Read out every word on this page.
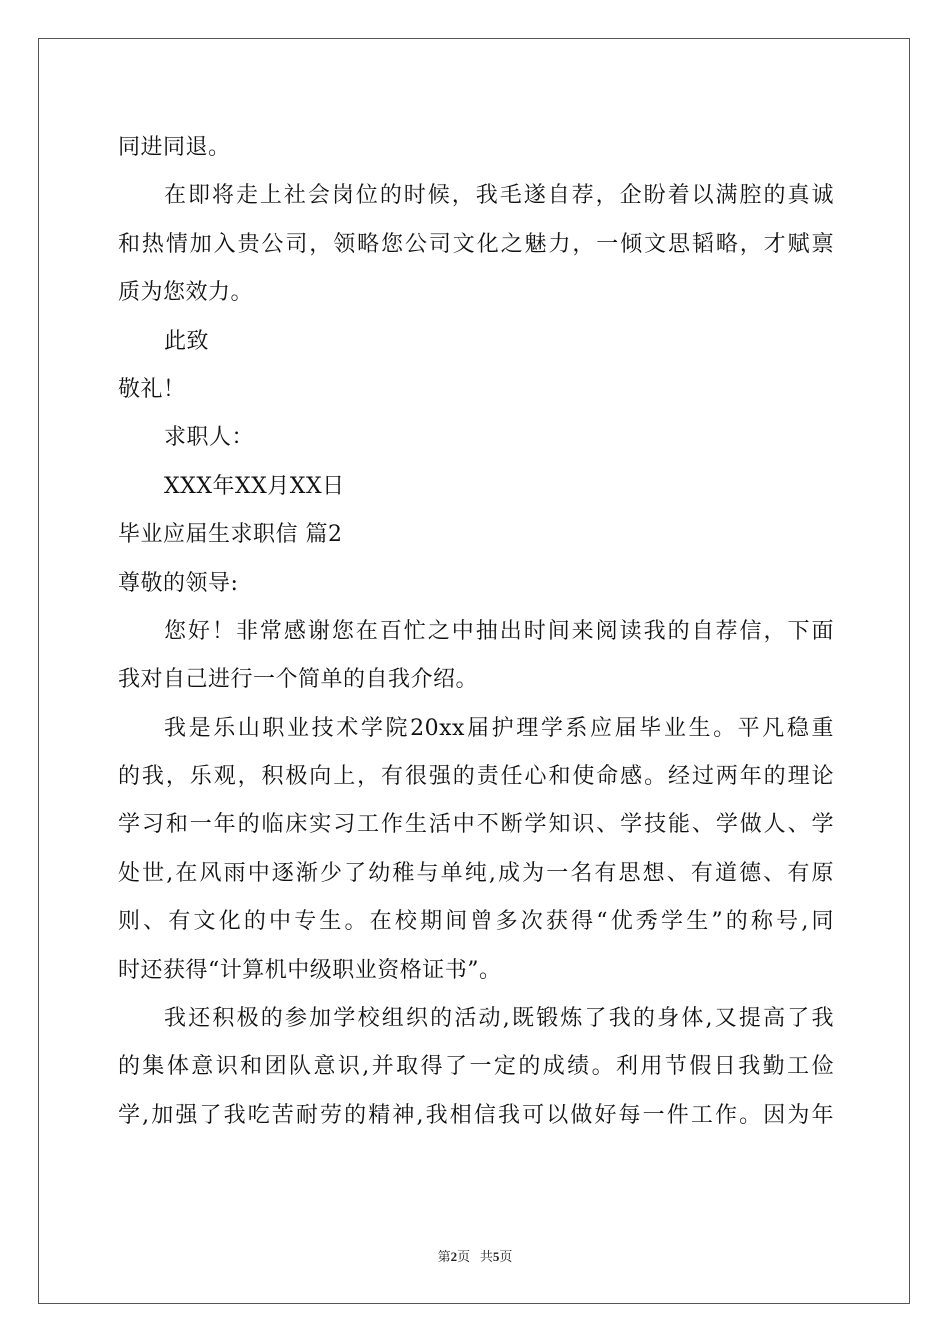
同进同退。
在即将走上社会岗位的时候，我毛遂自荐，企盼着以满腔的真诚
和热情加入贵公司，领略您公司文化之魅力，一倾文思韬略，才赋禀
质为您效力。
此致
敬礼！
求职人：
XXX年XX月XX日
毕业应届生求职信 篇2
尊敬的领导:
您好！非常感谢您在百忙之中抽出时间来阅读我的自荐信，下面
我对自己进行一个简单的自我介绍。
我是乐山职业技术学院20xx届护理学系应届毕业生。平凡稳重
的我，乐观，积极向上，有很强的责任心和使命感。经过两年的理论
学习和一年的临床实习工作生活中不断学知识、学技能、学做人、学
处世,在风雨中逐渐少了幼稚与单纯,成为一名有思想、有道德、有原
则、有文化的中专生。在校期间曾多次获得“优秀学生”的称号,同
时还获得“计算机中级职业资格证书”。
我还积极的参加学校组织的活动,既锻炼了我的身体,又提高了我
的集体意识和团队意识,并取得了一定的成绩。利用节假日我勤工俭
学,加强了我吃苦耐劳的精神,我相信我可以做好每一件工作。因为年
第2页 共5页
